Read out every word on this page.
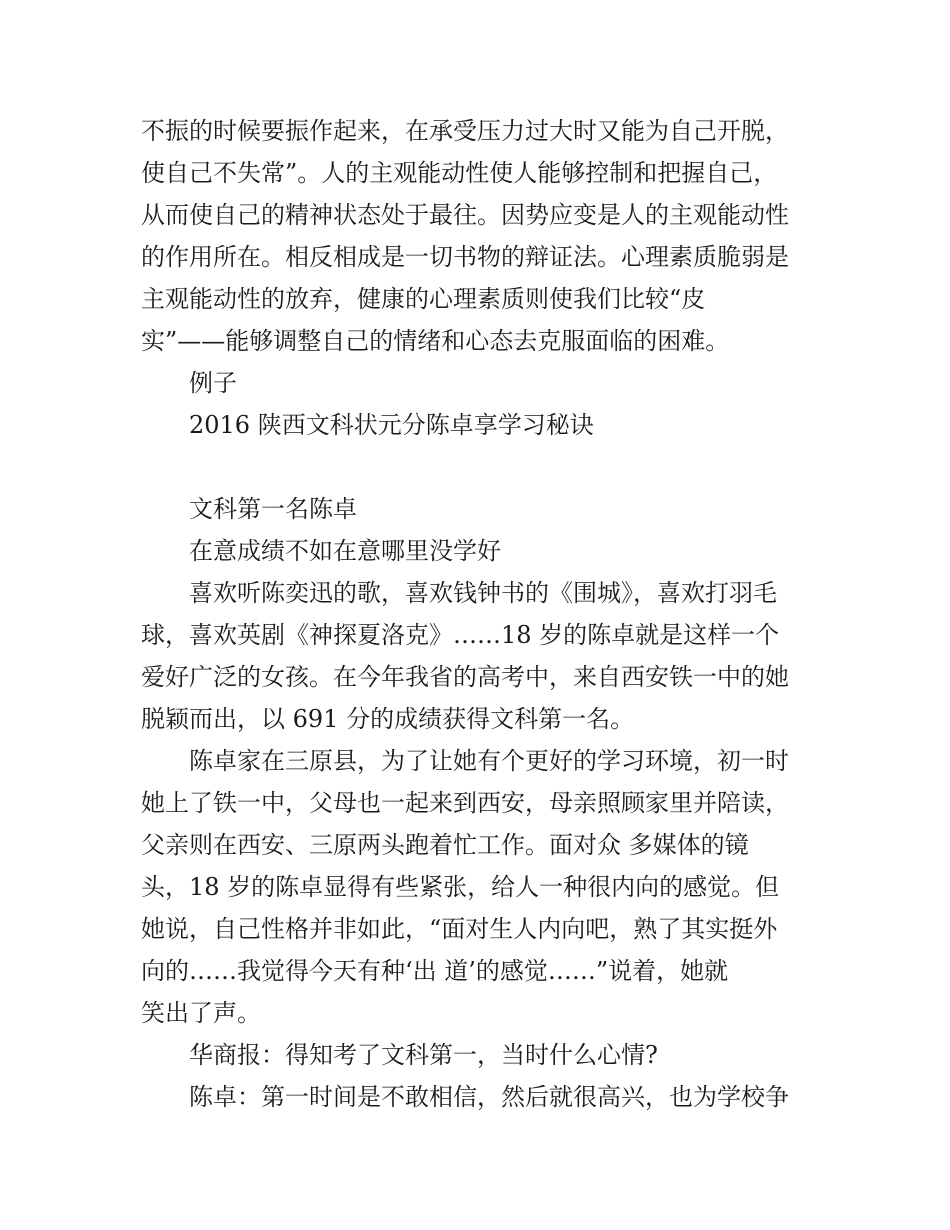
不振的时候要振作起来，在承受压力过大时又能为自己开脱，
使自己不失常”。人的主观能动性使人能够控制和把握自己，
从而使自己的精神状态处于最往。因势应变是人的主观能动性
的作用所在。相反相成是一切书物的辩证法。心理素质脆弱是
主观能动性的放弃，健康的心理素质则使我们比较“皮
实”——能够调整自己的情绪和心态去克服面临的困难。
例子
2016 陕西文科状元分陈卓享学习秘诀
文科第一名陈卓
在意成绩不如在意哪里没学好
喜欢听陈奕迅的歌，喜欢钱钟书的《围城》，喜欢打羽毛
球，喜欢英剧《神探夏洛克》……18 岁的陈卓就是这样一个
爱好广泛的女孩。在今年我省的高考中，来自西安铁一中的她
脱颖而出，以 691 分的成绩获得文科第一名。
陈卓家在三原县，为了让她有个更好的学习环境，初一时
她上了铁一中，父母也一起来到西安，母亲照顾家里并陪读，
父亲则在西安、三原两头跑着忙工作。面对众 多媒体的镜
头，18 岁的陈卓显得有些紧张，给人一种很内向的感觉。但
她说，自己性格并非如此，“面对生人内向吧，熟了其实挺外
向的……我觉得今天有种‘出 道’的感觉……”说着，她就
笑出了声。
华商报：得知考了文科第一，当时什么心情?
陈卓：第一时间是不敢相信，然后就很高兴，也为学校争
